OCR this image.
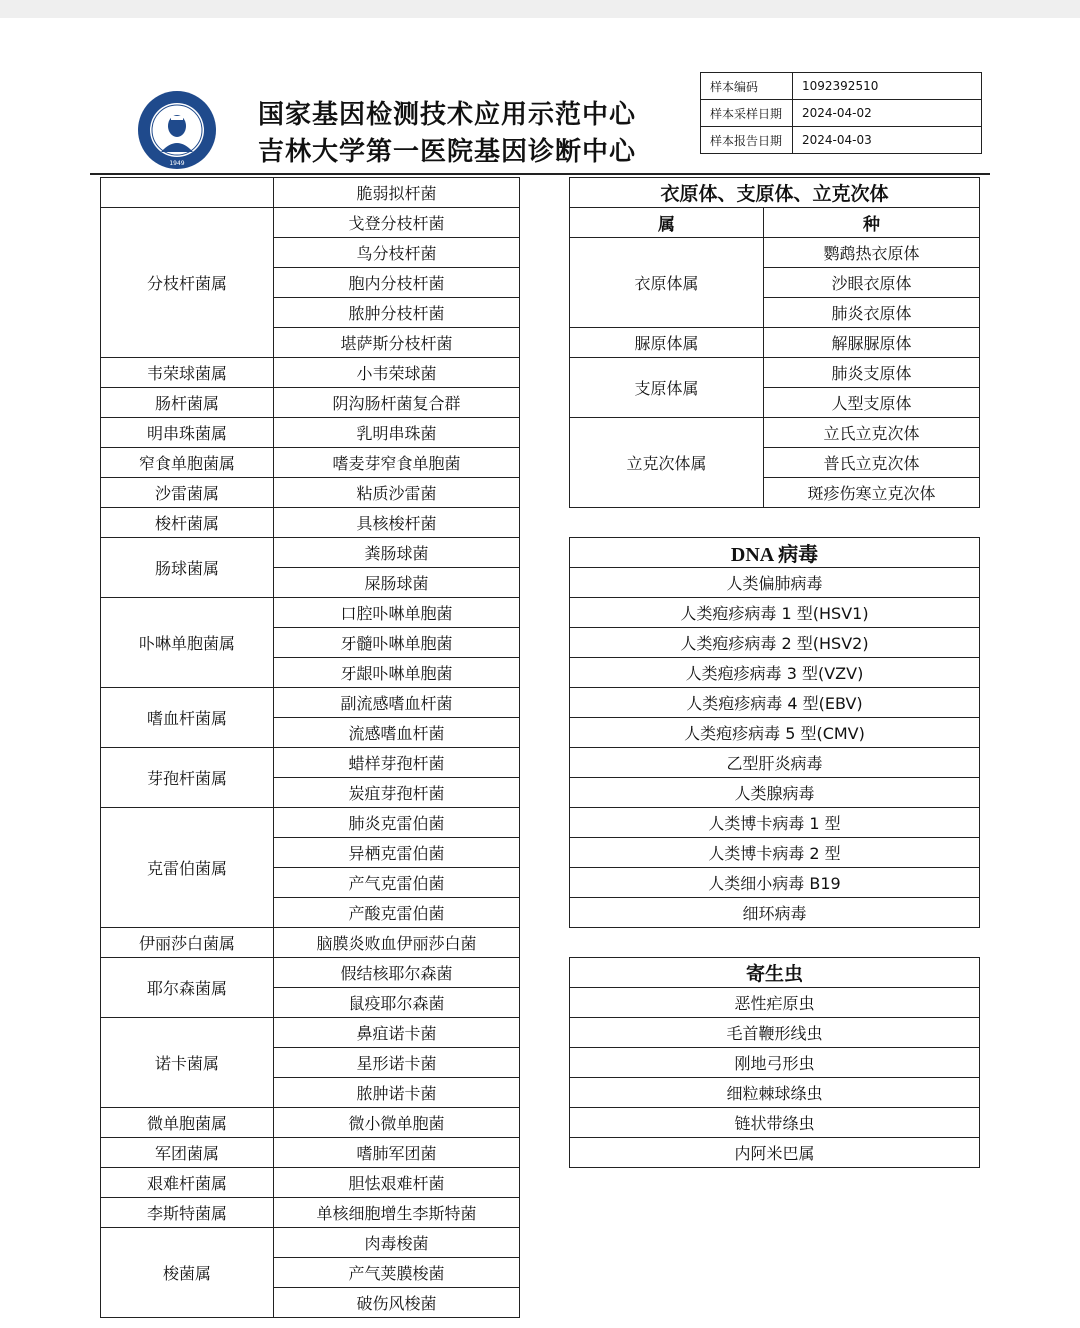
1949
国家基因检测技术应用示范中心
吉林大学第一医院基因诊断中心
样本编码	1092392510
样本采样日期	2024-04-02
样本报告日期	2024-04-03
	脆弱拟杆菌
分枝杆菌属	戈登分枝杆菌
	鸟分枝杆菌
	胞内分枝杆菌
	脓肿分枝杆菌
	堪萨斯分枝杆菌
韦荣球菌属	小韦荣球菌
肠杆菌属	阴沟肠杆菌复合群
明串珠菌属	乳明串珠菌
窄食单胞菌属	嗜麦芽窄食单胞菌
沙雷菌属	粘质沙雷菌
梭杆菌属	具核梭杆菌
肠球菌属	粪肠球菌
	屎肠球菌
卟啉单胞菌属	口腔卟啉单胞菌
	牙髓卟啉单胞菌
	牙龈卟啉单胞菌
嗜血杆菌属	副流感嗜血杆菌
	流感嗜血杆菌
芽孢杆菌属	蜡样芽孢杆菌
	炭疽芽孢杆菌
克雷伯菌属	肺炎克雷伯菌
	异栖克雷伯菌
	产气克雷伯菌
	产酸克雷伯菌
伊丽莎白菌属	脑膜炎败血伊丽莎白菌
耶尔森菌属	假结核耶尔森菌
	鼠疫耶尔森菌
诺卡菌属	鼻疽诺卡菌
	星形诺卡菌
	脓肿诺卡菌
微单胞菌属	微小微单胞菌
军团菌属	嗜肺军团菌
艰难杆菌属	胆怯艰难杆菌
李斯特菌属	单核细胞增生李斯特菌
梭菌属	肉毒梭菌
	产气荚膜梭菌
	破伤风梭菌
衣原体、支原体、立克次体	
属	种
衣原体属	鹦鹉热衣原体
	沙眼衣原体
	肺炎衣原体
脲原体属	解脲脲原体
支原体属	肺炎支原体
	人型支原体
立克次体属	立氏立克次体
	普氏立克次体
	斑疹伤寒立克次体
DNA 病毒
人类偏肺病毒
人类疱疹病毒 1 型(HSV1)
人类疱疹病毒 2 型(HSV2)
人类疱疹病毒 3 型(VZV)
人类疱疹病毒 4 型(EBV)
人类疱疹病毒 5 型(CMV)
乙型肝炎病毒
人类腺病毒
人类博卡病毒 1 型
人类博卡病毒 2 型
人类细小病毒 B19
细环病毒
寄生虫
恶性疟原虫
毛首鞭形线虫
刚地弓形虫
细粒棘球绦虫
链状带绦虫
内阿米巴属
